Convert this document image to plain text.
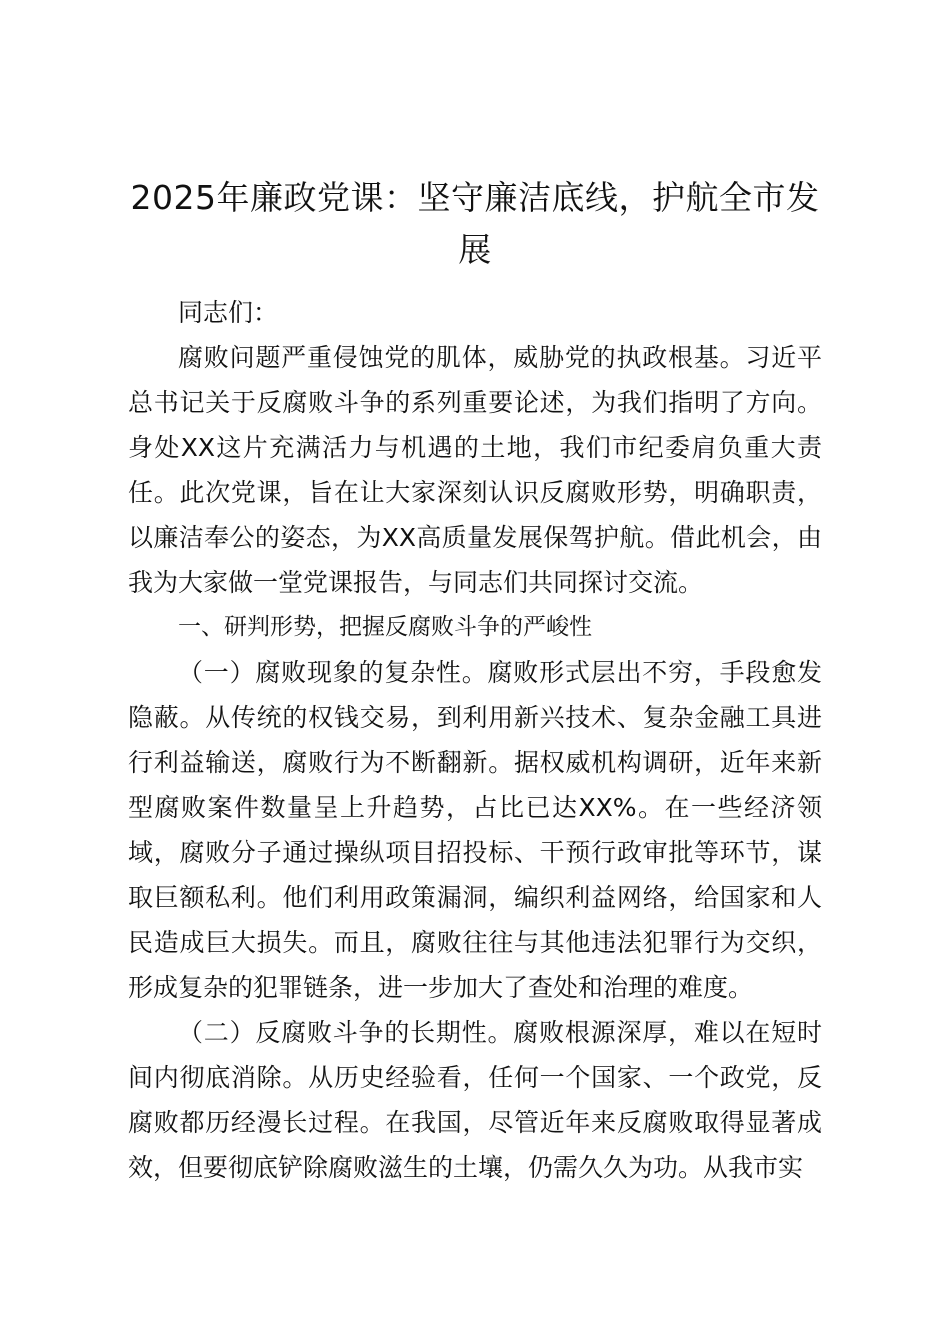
2025年廉政党课：坚守廉洁底线，护航全市发展

同志们：

腐败问题严重侵蚀党的肌体，威胁党的执政根基。习近平总书记关于反腐败斗争的系列重要论述，为我们指明了方向。身处XX这片充满活力与机遇的土地，我们市纪委肩负重大责任。此次党课，旨在让大家深刻认识反腐败形势，明确职责，以廉洁奉公的姿态，为XX高质量发展保驾护航。借此机会，由我为大家做一堂党课报告，与同志们共同探讨交流。

一、研判形势，把握反腐败斗争的严峻性

（一）腐败现象的复杂性。腐败形式层出不穷，手段愈发隐蔽。从传统的权钱交易，到利用新兴技术、复杂金融工具进行利益输送，腐败行为不断翻新。据权威机构调研，近年来新型腐败案件数量呈上升趋势，占比已达XX%。在一些经济领域，腐败分子通过操纵项目招投标、干预行政审批等环节，谋取巨额私利。他们利用政策漏洞，编织利益网络，给国家和人民造成巨大损失。而且，腐败往往与其他违法犯罪行为交织，形成复杂的犯罪链条，进一步加大了查处和治理的难度。

（二）反腐败斗争的长期性。腐败根源深厚，难以在短时间内彻底消除。从历史经验看，任何一个国家、一个政党，反腐败都历经漫长过程。在我国，尽管近年来反腐败取得显著成效，但要彻底铲除腐败滋生的土壤，仍需久久为功。从我市实
